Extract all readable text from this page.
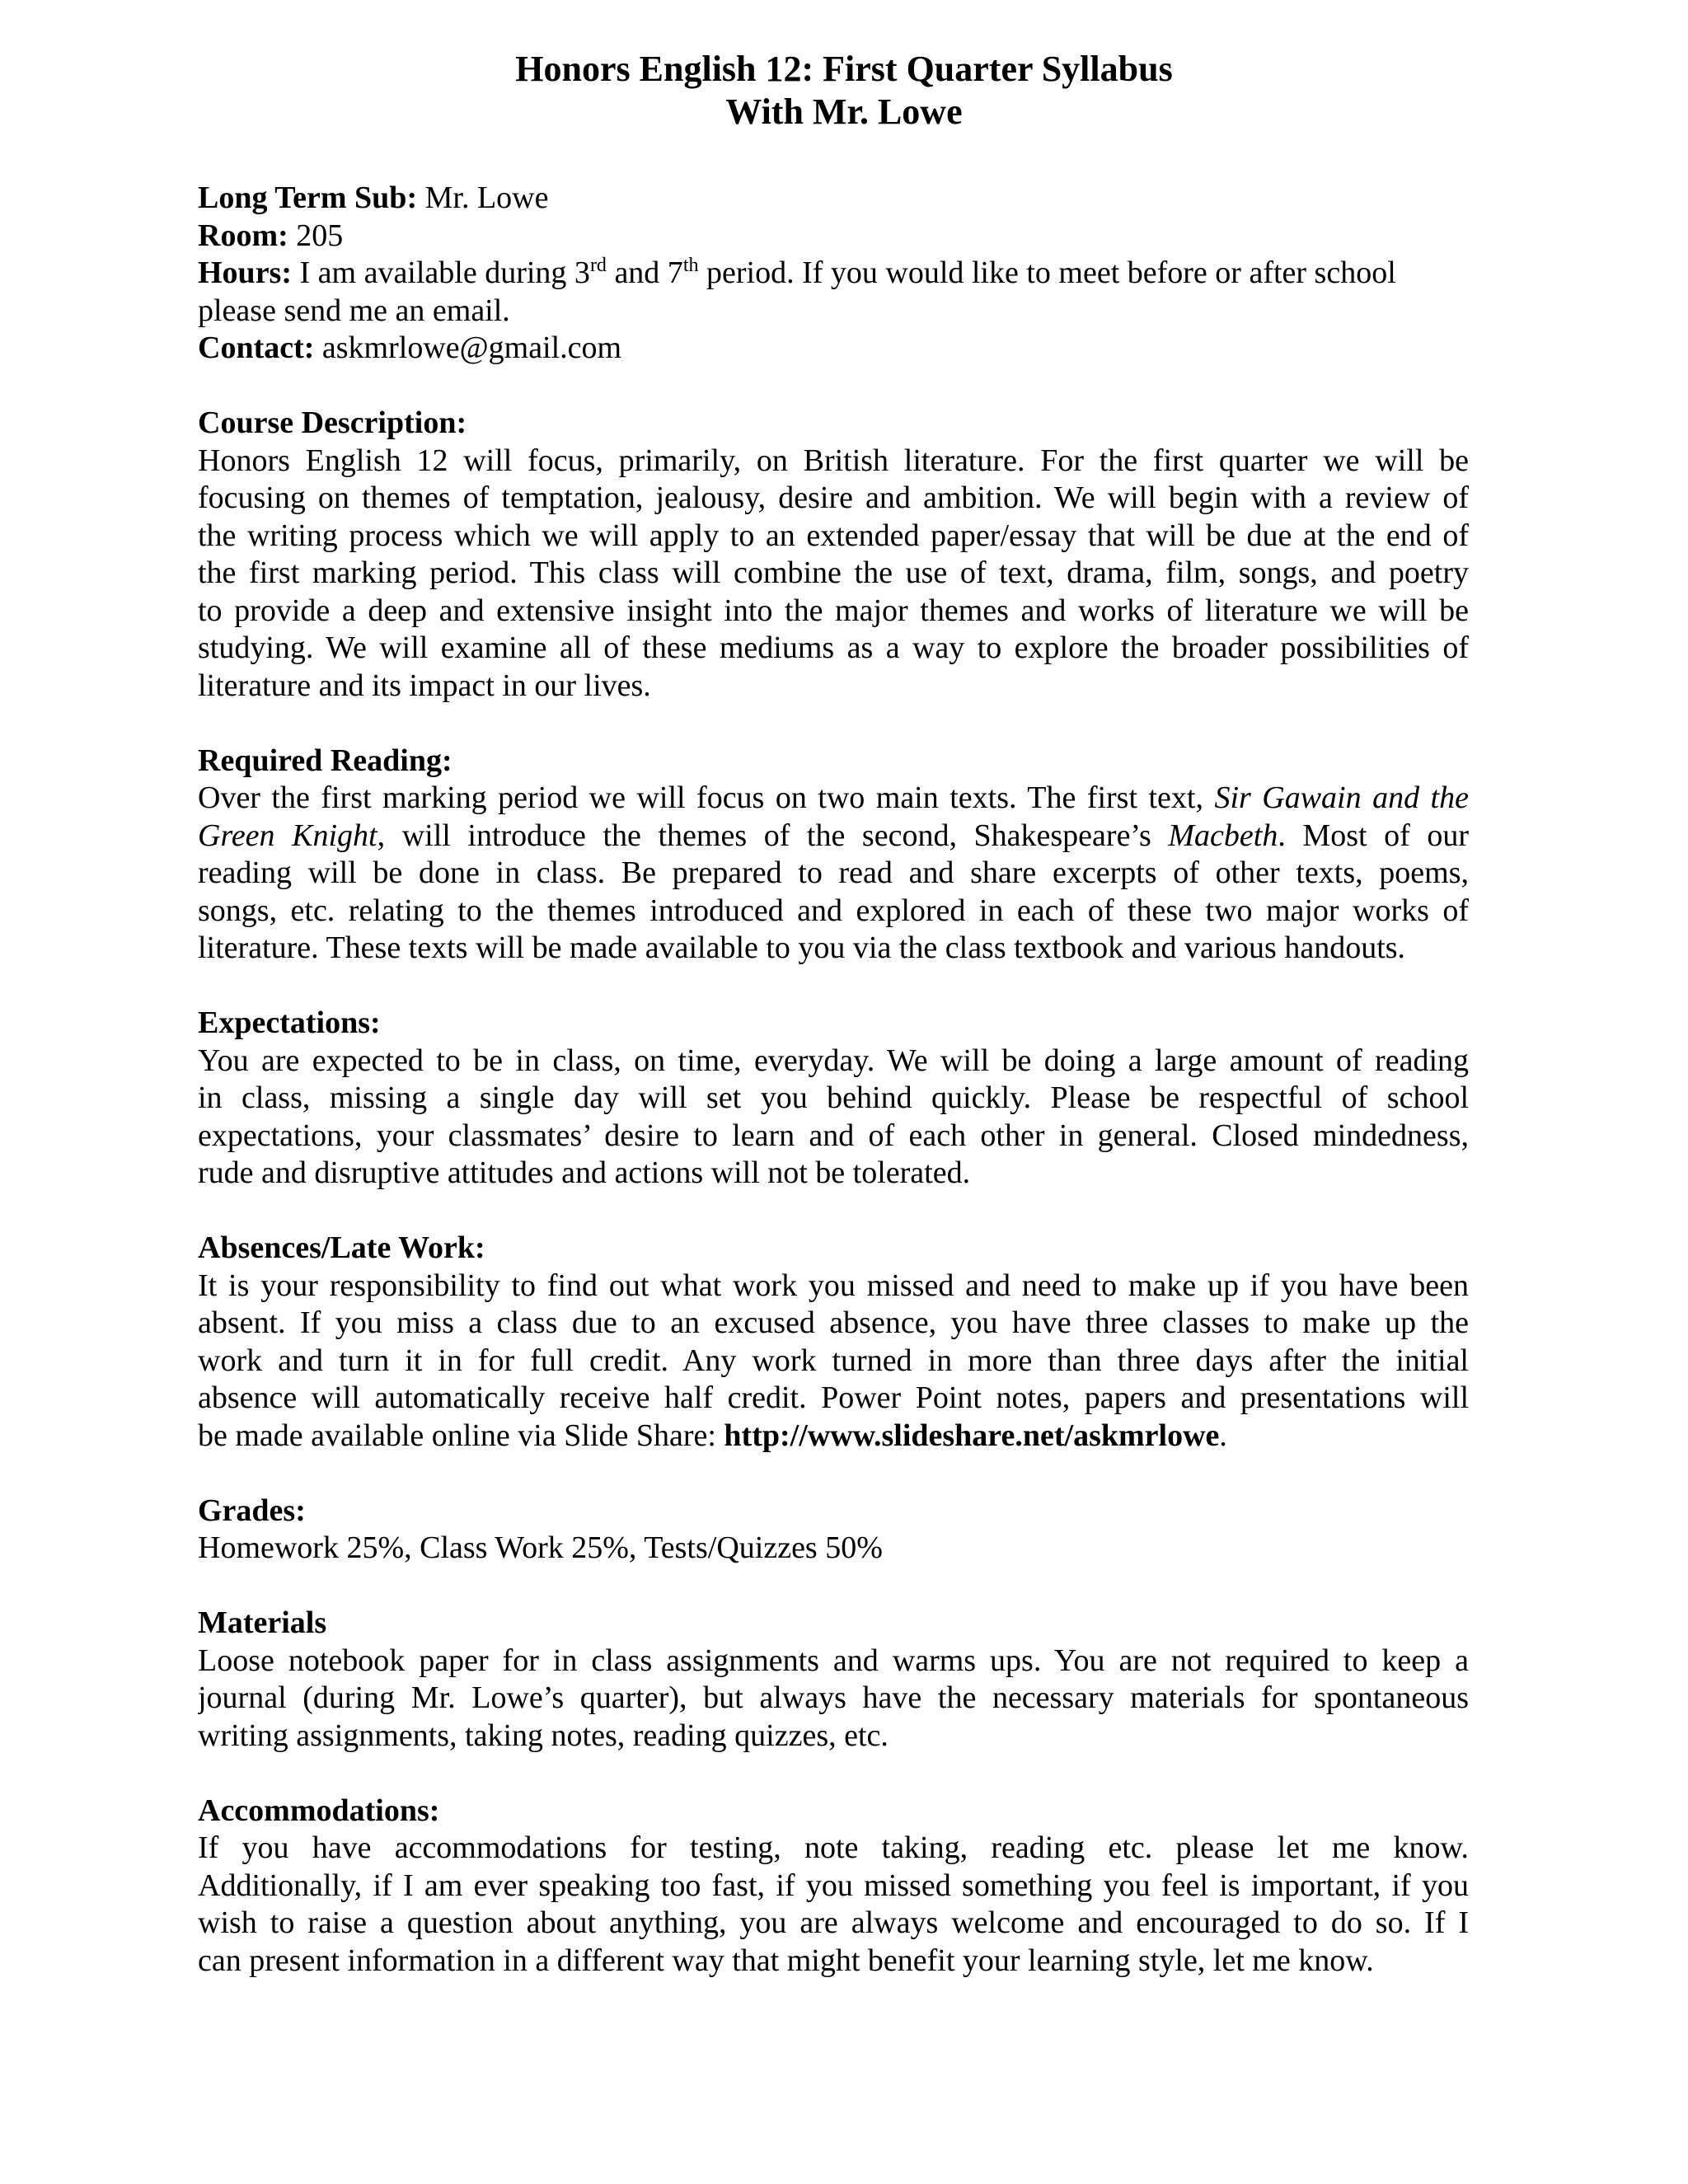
Honors English 12: First Quarter Syllabus
With Mr. Lowe
Long Term Sub: Mr. Lowe
Room: 205
Hours: I am available during 3rd and 7th period. If you would like to meet before or after school
please send me an email.
Contact: askmrlowe@gmail.com
Course Description:
Honors English 12 will focus, primarily, on British literature. For the first quarter we will be
focusing on themes of temptation, jealousy, desire and ambition. We will begin with a review of
the writing process which we will apply to an extended paper/essay that will be due at the end of
the first marking period. This class will combine the use of text, drama, film, songs, and poetry
to provide a deep and extensive insight into the major themes and works of literature we will be
studying. We will examine all of these mediums as a way to explore the broader possibilities of
literature and its impact in our lives.
Required Reading:
Over the first marking period we will focus on two main texts. The first text, Sir Gawain and the
Green Knight, will introduce the themes of the second, Shakespeare’s Macbeth. Most of our
reading will be done in class. Be prepared to read and share excerpts of other texts, poems,
songs, etc. relating to the themes introduced and explored in each of these two major works of
literature. These texts will be made available to you via the class textbook and various handouts.
Expectations:
You are expected to be in class, on time, everyday. We will be doing a large amount of reading
in class, missing a single day will set you behind quickly. Please be respectful of school
expectations, your classmates’ desire to learn and of each other in general. Closed mindedness,
rude and disruptive attitudes and actions will not be tolerated.
Absences/Late Work:
It is your responsibility to find out what work you missed and need to make up if you have been
absent. If you miss a class due to an excused absence, you have three classes to make up the
work and turn it in for full credit. Any work turned in more than three days after the initial
absence will automatically receive half credit. Power Point notes, papers and presentations will
be made available online via Slide Share: http://www.slideshare.net/askmrlowe.
Grades:
Homework 25%, Class Work 25%, Tests/Quizzes 50%
Materials
Loose notebook paper for in class assignments and warms ups. You are not required to keep a
journal (during Mr. Lowe’s quarter), but always have the necessary materials for spontaneous
writing assignments, taking notes, reading quizzes, etc.
Accommodations:
If you have accommodations for testing, note taking, reading etc. please let me know.
Additionally, if I am ever speaking too fast, if you missed something you feel is important, if you
wish to raise a question about anything, you are always welcome and encouraged to do so. If I
can present information in a different way that might benefit your learning style, let me know.
